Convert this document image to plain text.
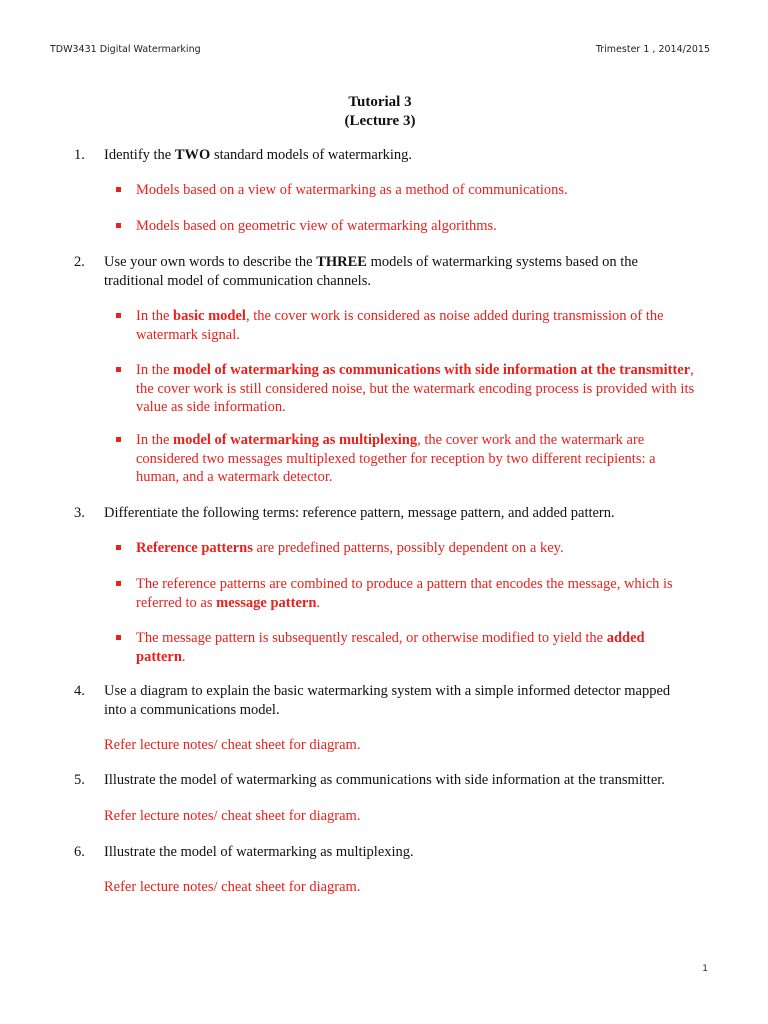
TDW3431 Digital Watermarking	Trimester 1 , 2014/2015
Tutorial 3
(Lecture 3)
1. Identify the TWO standard models of watermarking.
Models based on a view of watermarking as a method of communications.
Models based on geometric view of watermarking algorithms.
2. Use your own words to describe the THREE models of watermarking systems based on the traditional model of communication channels.
In the basic model, the cover work is considered as noise added during transmission of the watermark signal.
In the model of watermarking as communications with side information at the transmitter, the cover work is still considered noise, but the watermark encoding process is provided with its value as side information.
In the model of watermarking as multiplexing, the cover work and the watermark are considered two messages multiplexed together for reception by two different recipients: a human, and a watermark detector.
3. Differentiate the following terms: reference pattern, message pattern, and added pattern.
Reference patterns are predefined patterns, possibly dependent on a key.
The reference patterns are combined to produce a pattern that encodes the message, which is referred to as message pattern.
The message pattern is subsequently rescaled, or otherwise modified to yield the added pattern.
4. Use a diagram to explain the basic watermarking system with a simple informed detector mapped into a communications model.
Refer lecture notes/ cheat sheet for diagram.
5. Illustrate the model of watermarking as communications with side information at the transmitter.
Refer lecture notes/ cheat sheet for diagram.
6. Illustrate the model of watermarking as multiplexing.
Refer lecture notes/ cheat sheet for diagram.
1
